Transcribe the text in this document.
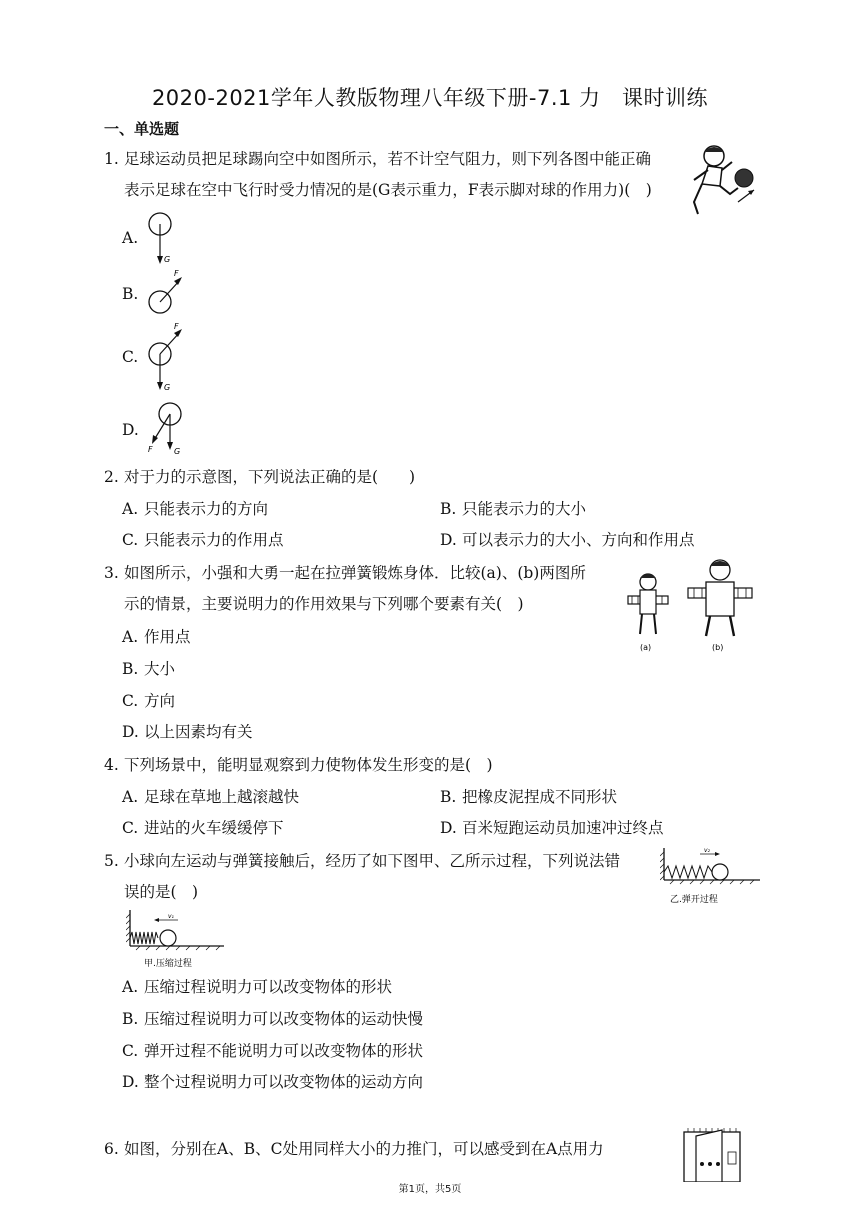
2020-2021学年人教版物理八年级下册-7.1 力　课时训练
一、单选题
1. 足球运动员把足球踢向空中如图所示，若不计空气阻力，则下列各图中能正确
表示足球在空中飞行时受力情况的是(G表示重力，F表示脚对球的作用力)(　)
A.
G
B.
F
C.
F
G
D.
F	G
2. 对于力的示意图，下列说法正确的是(　　)
A. 只能表示力的方向	B. 只能表示力的大小
C. 只能表示力的作用点	D. 可以表示力的大小、方向和作用点
3. 如图所示，小强和大勇一起在拉弹簧锻炼身体．比较(a)、(b)两图所
示的情景，主要说明力的作用效果与下列哪个要素有关(　)
(a)	(b)
A. 作用点
B. 大小
C. 方向
D. 以上因素均有关
4. 下列场景中，能明显观察到力使物体发生形变的是(　)
A. 足球在草地上越滚越快	B. 把橡皮泥捏成不同形状
C. 进站的火车缓缓停下	D. 百米短跑运动员加速冲过终点
5. 小球向左运动与弹簧接触后，经历了如下图甲、乙所示过程，下列说法错
误的是(　)
v₂
乙.弹开过程
v₁
甲.压缩过程
A. 压缩过程说明力可以改变物体的形状
B. 压缩过程说明力可以改变物体的运动快慢
C. 弹开过程不能说明力可以改变物体的形状
D. 整个过程说明力可以改变物体的运动方向
6. 如图，分别在A、B、C处用同样大小的力推门，可以感受到在A点用力
第1页，共5页
